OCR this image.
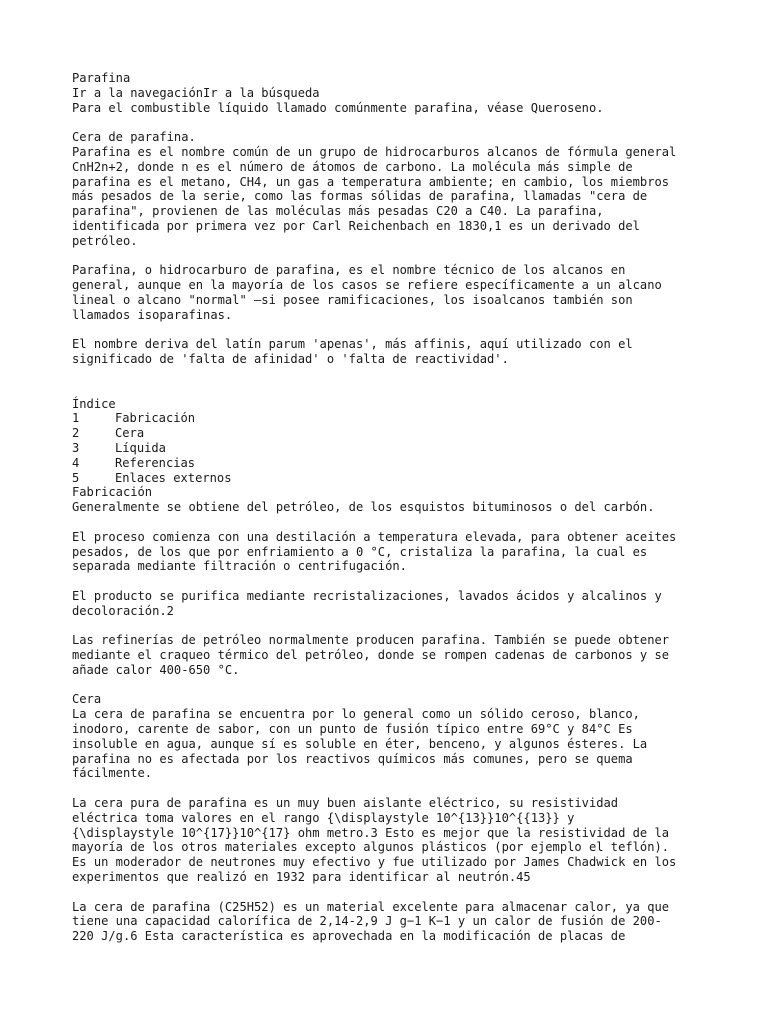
Parafina
Ir a la navegaciónIr a la búsqueda
Para el combustible líquido llamado comúnmente parafina, véase Queroseno.
Cera de parafina.
Parafina es el nombre común de un grupo de hidrocarburos alcanos de fórmula general
CnH2n+2, donde n es el número de átomos de carbono. La molécula más simple de
parafina es el metano, CH4, un gas a temperatura ambiente; en cambio, los miembros
más pesados de la serie, como las formas sólidas de parafina, llamadas "cera de
parafina", provienen de las moléculas más pesadas C20 a C40. La parafina,
identificada por primera vez por Carl Reichenbach en 1830,1 es un derivado del
petróleo.
Parafina, o hidrocarburo de parafina, es el nombre técnico de los alcanos en
general, aunque en la mayoría de los casos se refiere específicamente a un alcano
lineal o alcano "normal" —si posee ramificaciones, los isoalcanos también son
llamados isoparafinas.
El nombre deriva del latín parum 'apenas', más affinis, aquí utilizado con el
significado de 'falta de afinidad' o 'falta de reactividad'.
Índice
1	Fabricación
2	Cera
3	Líquida
4	Referencias
5	Enlaces externos
Fabricación
Generalmente se obtiene del petróleo, de los esquistos bituminosos o del carbón.
El proceso comienza con una destilación a temperatura elevada, para obtener aceites
pesados, de los que por enfriamiento a 0 °C, cristaliza la parafina, la cual es
separada mediante filtración o centrifugación.
El producto se purifica mediante recristalizaciones, lavados ácidos y alcalinos y
decoloración.2
Las refinerías de petróleo normalmente producen parafina. También se puede obtener
mediante el craqueo térmico del petróleo, donde se rompen cadenas de carbonos y se
añade calor 400-650 °C.
Cera
La cera de parafina se encuentra por lo general como un sólido ceroso, blanco,
inodoro, carente de sabor, con un punto de fusión típico entre 69°C y 84°C Es
insoluble en agua, aunque sí es soluble en éter, benceno, y algunos ésteres. La
parafina no es afectada por los reactivos químicos más comunes, pero se quema
fácilmente.
La cera pura de parafina es un muy buen aislante eléctrico, su resistividad
eléctrica toma valores en el rango {\displaystyle 10^{13}}10^{{13}} y
{\displaystyle 10^{17}}10^{17} ohm metro.3 Esto es mejor que la resistividad de la
mayoría de los otros materiales excepto algunos plásticos (por ejemplo el teflón).
Es un moderador de neutrones muy efectivo y fue utilizado por James Chadwick en los
experimentos que realizó en 1932 para identificar al neutrón.45
La cera de parafina (C25H52) es un material excelente para almacenar calor, ya que
tiene una capacidad calorífica de 2,14-2,9 J g−1 K−1 y un calor de fusión de 200-
220 J/g.6 Esta característica es aprovechada en la modificación de placas de
